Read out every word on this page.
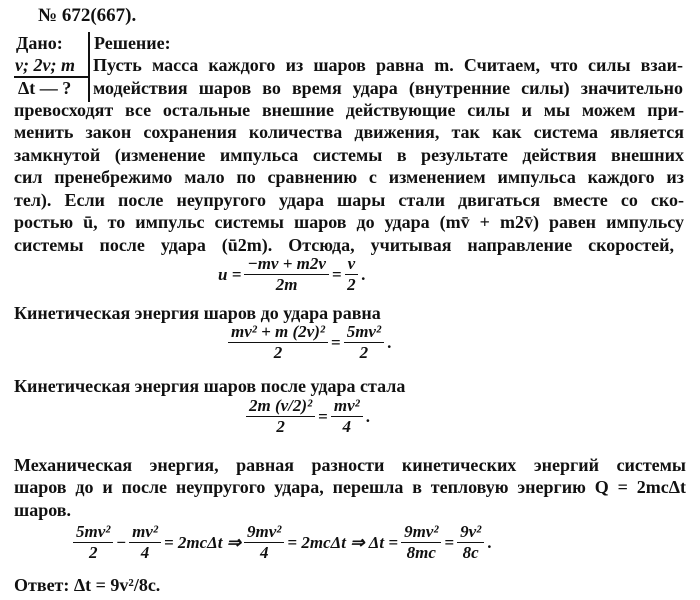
№ 672(667).
Дано:
v; 2v; m
Δt — ?
Решение:
Пусть масса каждого из шаров равна m. Считаем, что силы взаи-
модействия шаров во время удара (внутренние силы) значительно
превосходят все остальные внешние действующие силы и мы можем при-
менить закон сохранения количества движения, так как система является
замкнутой (изменение импульса системы в результате действия внешних
сил пренебрежимо мало по сравнению с изменением импульса каждого из
тел). Если после неупругого удара шары стали двигаться вместе со ско-
ростью ū, то импульс системы шаров до удара (mv̄ + m2v̄) равен импульсу
системы после удара (ū2m). Отсюда, учитывая направление скоростей,
$u = \frac{-mv + m2v}{2m} = \frac{v}{2}$ .
Кинетическая энергия шаров до удара равна
$\frac{\text{mv² + m (2v)²}}{2} = \frac{\text{5mv²}}{2}$ .
Кинетическая энергия шаров после удара стала
$\frac{\text{2m (v/2)²}}{2} = \frac{\text{mv²}}{4}$ .
Механическая энергия, равная разности кинетических энергий системы
шаров до и после неупругого удара, перешла в тепловую энергию Q = 2mcΔt
шаров.
$\frac{\text{5mv²}}{2} - \frac{\text{mv²}}{4} = 2mc\Delta t$ ⇒ $\frac{\text{9mv²}}{4} = 2mc\Delta t$ ⇒ $\Delta t = \frac{\text{9mv²}}{8mc} = \frac{\text{9v²}}{8c}$ .
Ответ: Δt = 9v²/8c.
